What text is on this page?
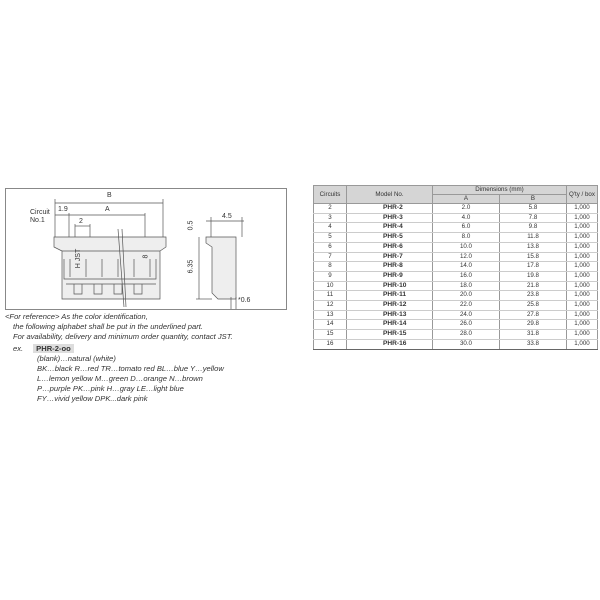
B
A
1.9
2
Circuit
No.1
H JST	8
0.5
4.5
6.35
*0.6
<For reference> As the color identification,
the following alphabet shall be put in the underlined part.
For availability, delivery and minimum order quantity, contact JST.
ex. PHR-2-oo
(blank)…natural (white)
BK…black R…red TR…tomato red BL…blue Y…yellow
L…lemon yellow M…green D…orange N…brown
P…purple PK…pink H…gray LE…light blue
FY…vivid yellow DPK...dark pink
Circuits	Model No.	Dimensions (mm)		Q'ty / box
		A	B	
2	PHR-2	2.0	5.8	1,000
3	PHR-3	4.0	7.8	1,000
4	PHR-4	6.0	9.8	1,000
5	PHR-5	8.0	11.8	1,000
6	PHR-6	10.0	13.8	1,000
7	PHR-7	12.0	15.8	1,000
8	PHR-8	14.0	17.8	1,000
9	PHR-9	16.0	19.8	1,000
10	PHR-10	18.0	21.8	1,000
11	PHR-11	20.0	23.8	1,000
12	PHR-12	22.0	25.8	1,000
13	PHR-13	24.0	27.8	1,000
14	PHR-14	26.0	29.8	1,000
15	PHR-15	28.0	31.8	1,000
16	PHR-16	30.0	33.8	1,000
